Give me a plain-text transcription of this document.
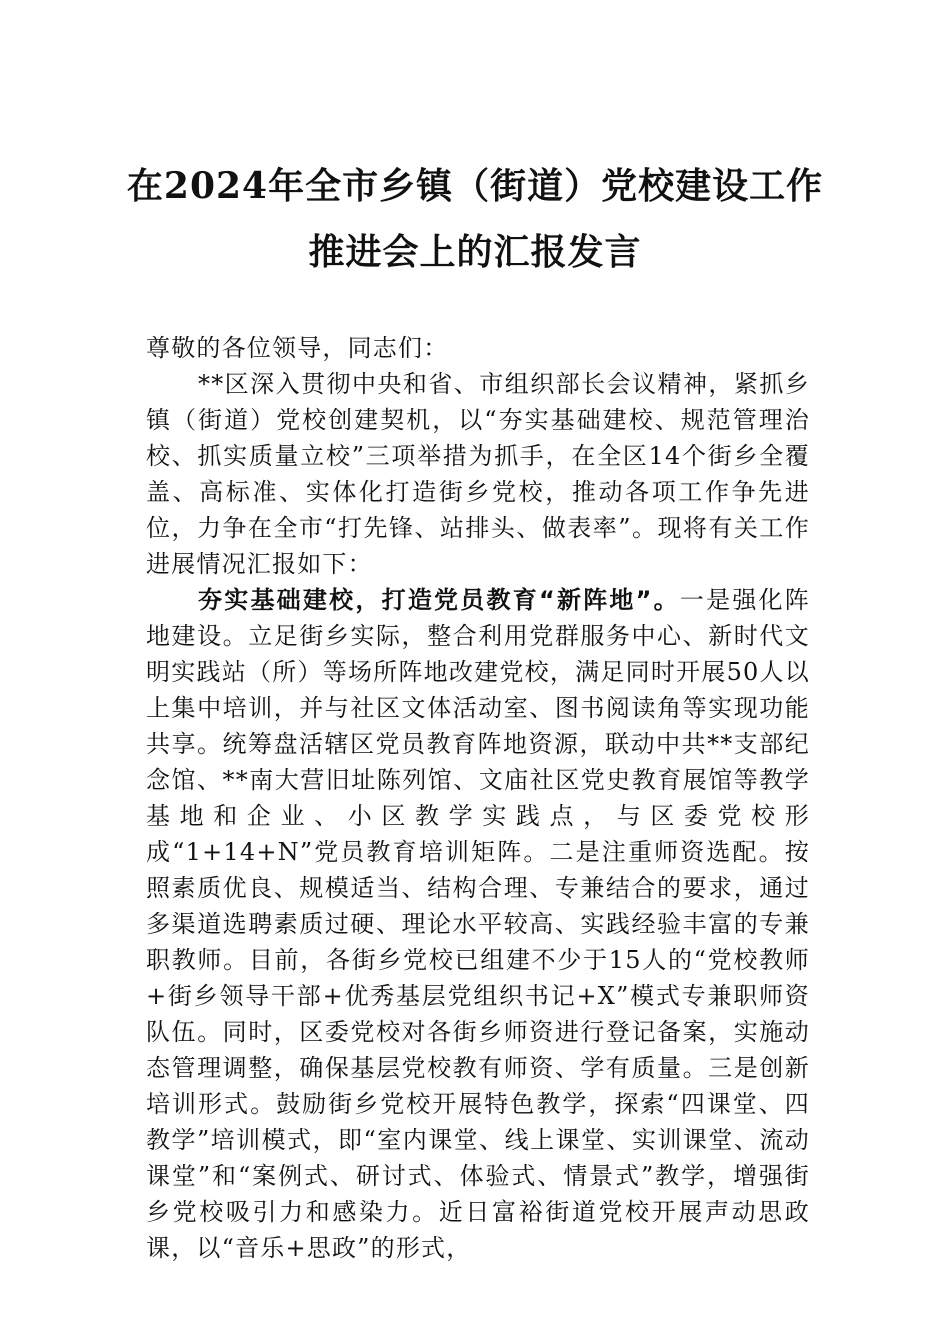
在2024年全市乡镇（街道）党校建设工作
推进会上的汇报发言

尊敬的各位领导，同志们：

**区深入贯彻中央和省、市组织部长会议精神，紧抓乡镇（街道）党校创建契机，以“夯实基础建校、规范管理治校、抓实质量立校”三项举措为抓手，在全区14个街乡全覆盖、高标准、实体化打造街乡党校，推动各项工作争先进位，力争在全市“打先锋、站排头、做表率”。现将有关工作进展情况汇报如下：

夯实基础建校，打造党员教育“新阵地”。一是强化阵地建设。立足街乡实际，整合利用党群服务中心、新时代文明实践站（所）等场所阵地改建党校，满足同时开展50人以上集中培训，并与社区文体活动室、图书阅读角等实现功能共享。统筹盘活辖区党员教育阵地资源，联动中共**支部纪念馆、**南大营旧址陈列馆、文庙社区党史教育展馆等教学基地和企业、小区教学实践点，与区委党校形成“1+14+N”党员教育培训矩阵。二是注重师资选配。按照素质优良、规模适当、结构合理、专兼结合的要求，通过多渠道选聘素质过硬、理论水平较高、实践经验丰富的专兼职教师。目前，各街乡党校已组建不少于15人的“党校教师+街乡领导干部+优秀基层党组织书记+X”模式专兼职师资队伍。同时，区委党校对各街乡师资进行登记备案，实施动态管理调整，确保基层党校教有师资、学有质量。三是创新培训形式。鼓励街乡党校开展特色教学，探索“四课堂、四教学”培训模式，即“室内课堂、线上课堂、实训课堂、流动课堂”和“案例式、研讨式、体验式、情景式”教学，增强街乡党校吸引力和感染力。近日富裕街道党校开展声动思政课，以“音乐+思政”的形式，
